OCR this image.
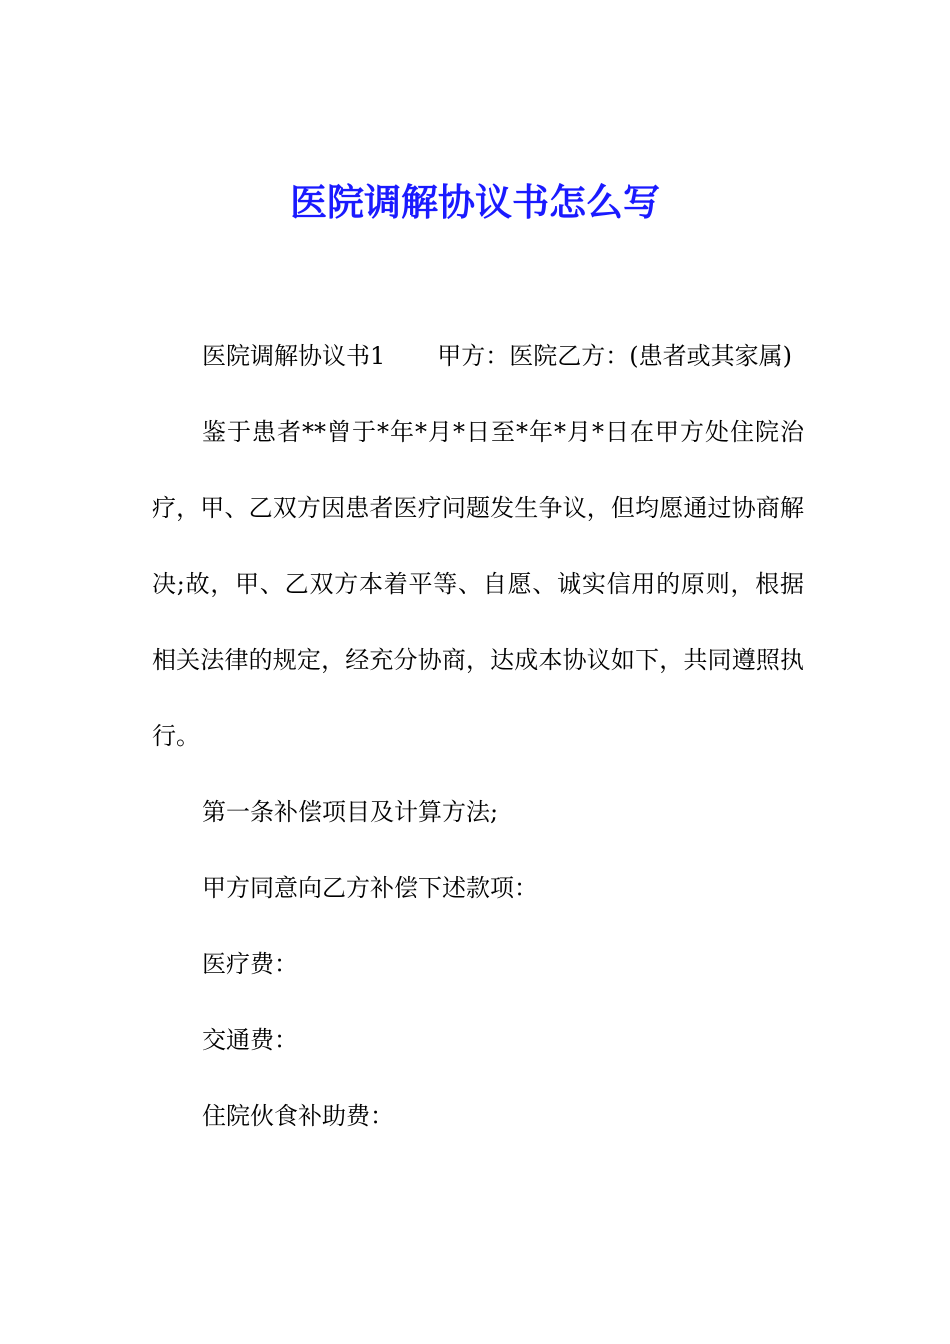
医院调解协议书怎么写

医院调解协议书1 甲方：医院乙方：(患者或其家属)

鉴于患者**曾于*年*月*日至*年*月*日在甲方处住院治疗，甲、乙双方因患者医疗问题发生争议，但均愿通过协商解决;故，甲、乙双方本着平等、自愿、诚实信用的原则，根据相关法律的规定，经充分协商，达成本协议如下，共同遵照执行。

第一条补偿项目及计算方法;

甲方同意向乙方补偿下述款项：

医疗费：

交通费：

住院伙食补助费：
